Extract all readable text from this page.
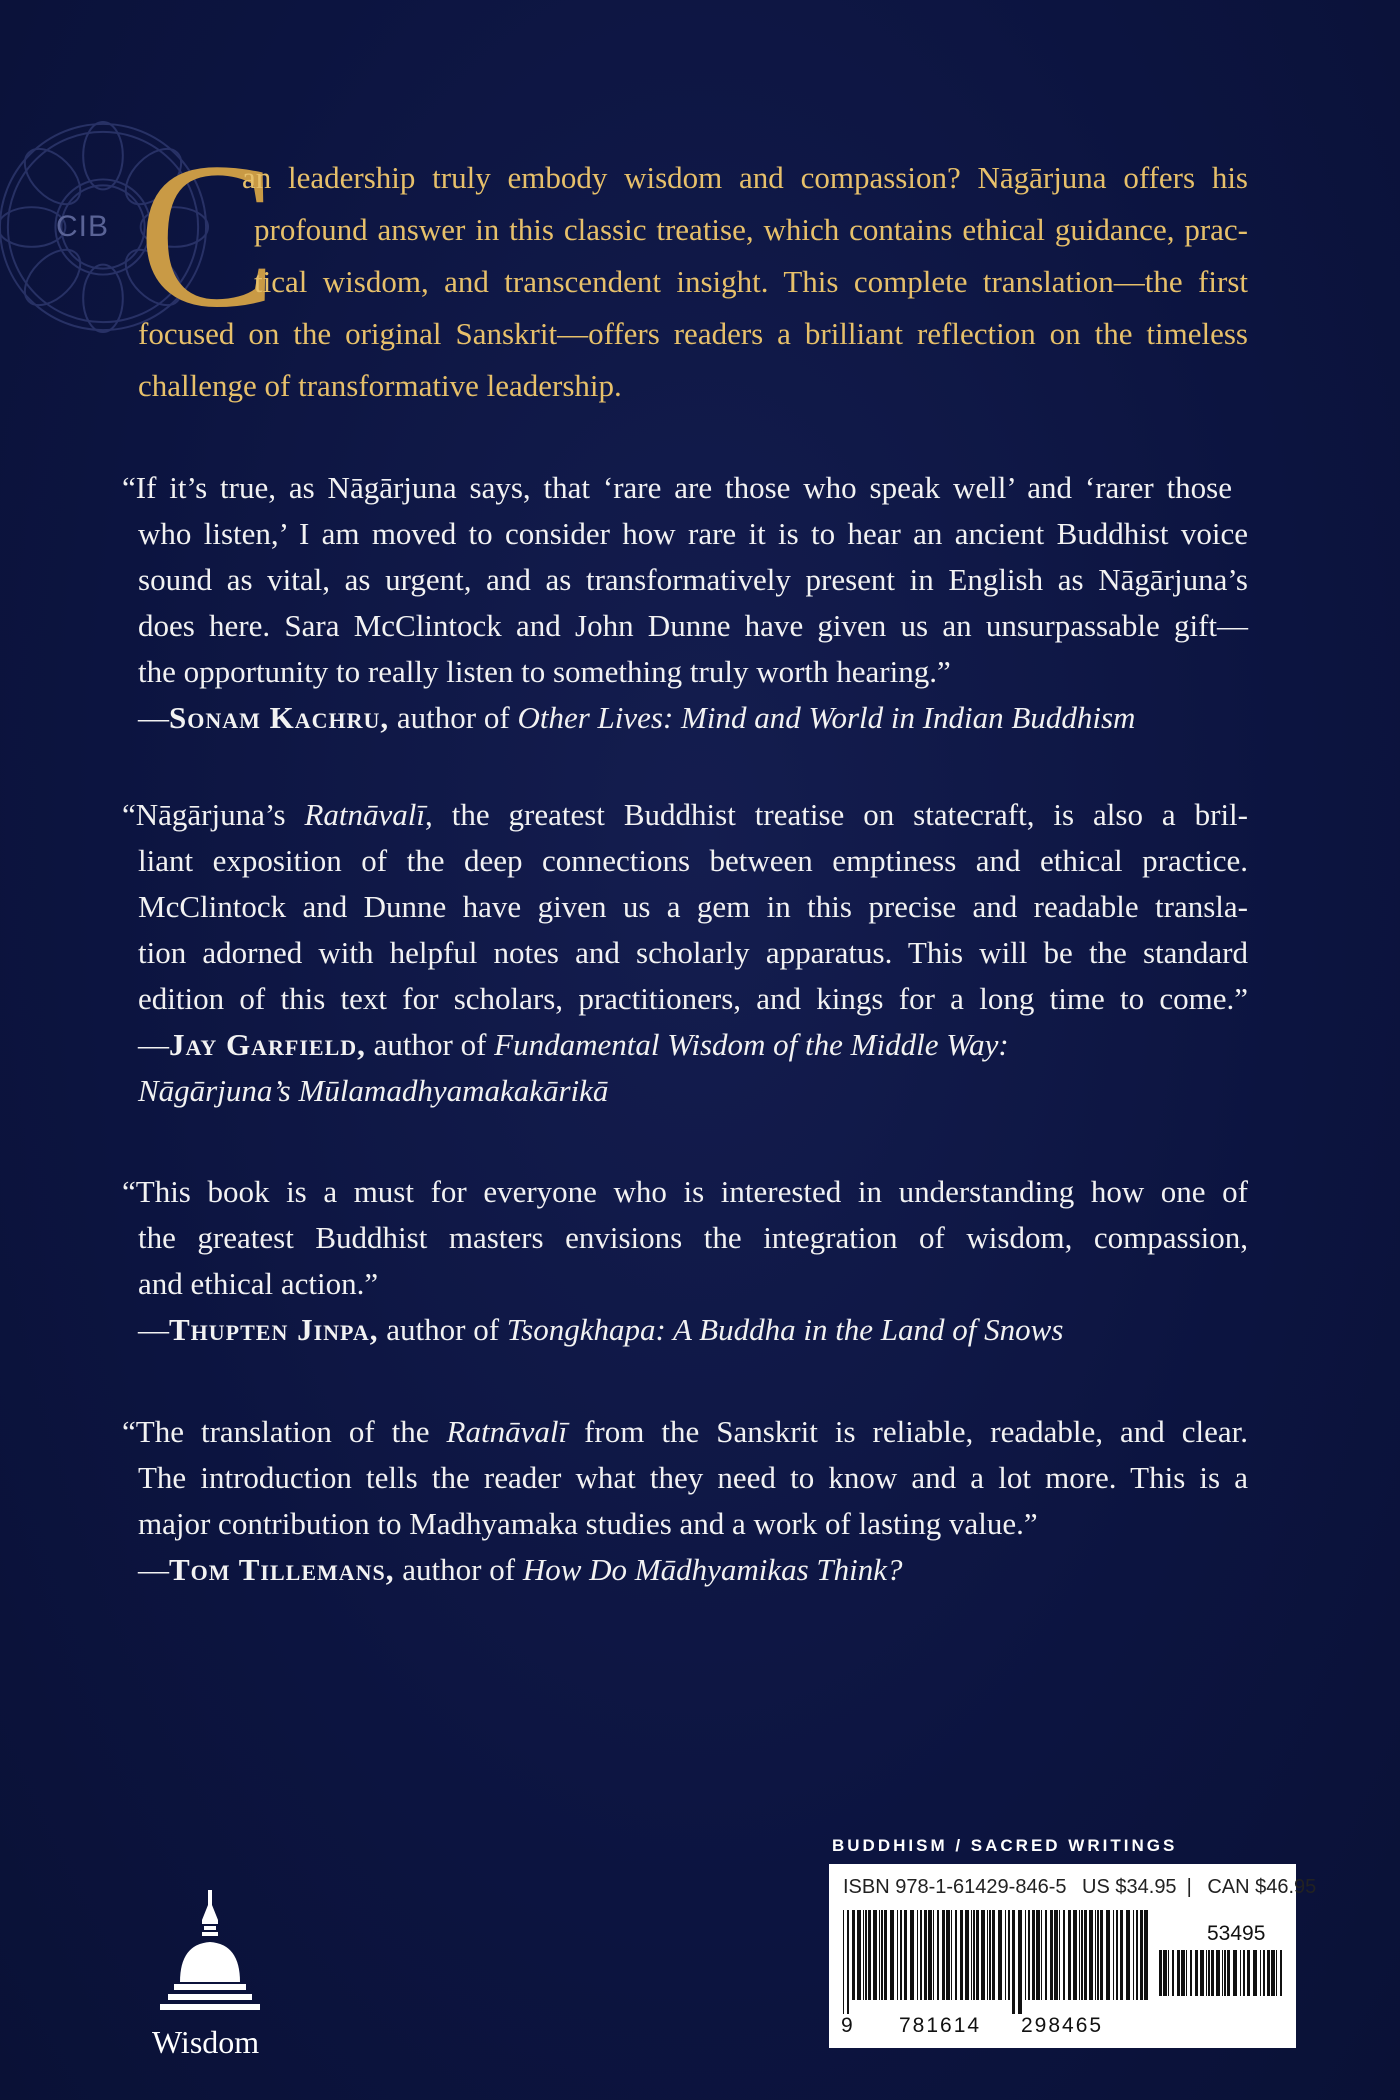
CIB C
an leadership truly embody wisdom and compassion? Nāgārjuna offers his
profound answer in this classic treatise, which contains ethical guidance, prac-
tical wisdom, and transcendent insight. This complete translation—the first
focused on the original Sanskrit—offers readers a brilliant reflection on the timeless
challenge of transformative leadership.
“If it’s true, as Nāgārjuna says, that ‘rare are those who speak well’ and ‘rarer those
who listen,’ I am moved to consider how rare it is to hear an ancient Buddhist voice
sound as vital, as urgent, and as transformatively present in English as Nāgārjuna’s
does here. Sara McClintock and John Dunne have given us an unsurpassable gift—
the opportunity to really listen to something truly worth hearing.”
—Sonam Kachru, author of Other Lives: Mind and World in Indian Buddhism
“Nāgārjuna’s Ratnāvalī, the greatest Buddhist treatise on statecraft, is also a bril-
liant exposition of the deep connections between emptiness and ethical practice.
McClintock and Dunne have given us a gem in this precise and readable transla-
tion adorned with helpful notes and scholarly apparatus. This will be the standard
edition of this text for scholars, practitioners, and kings for a long time to come.”
—Jay Garfield, author of Fundamental Wisdom of the Middle Way:
Nāgārjuna’s Mūlamadhyamakakārikā
“This book is a must for everyone who is interested in understanding how one of
the greatest Buddhist masters envisions the integration of wisdom, compassion,
and ethical action.”
—Thupten Jinpa, author of Tsongkhapa: A Buddha in the Land of Snows
“The translation of the Ratnāvalī from the Sanskrit is reliable, readable, and clear.
The introduction tells the reader what they need to know and a lot more. This is a
major contribution to Madhyamaka studies and a work of lasting value.”
—Tom Tillemans, author of How Do Mādhyamikas Think?
BUDDHISM / SACRED WRITINGS
ISBN 978-1-61429-846-5 US $34.95 | CAN $46.95
53495
9 781614 298465
Wisdom
